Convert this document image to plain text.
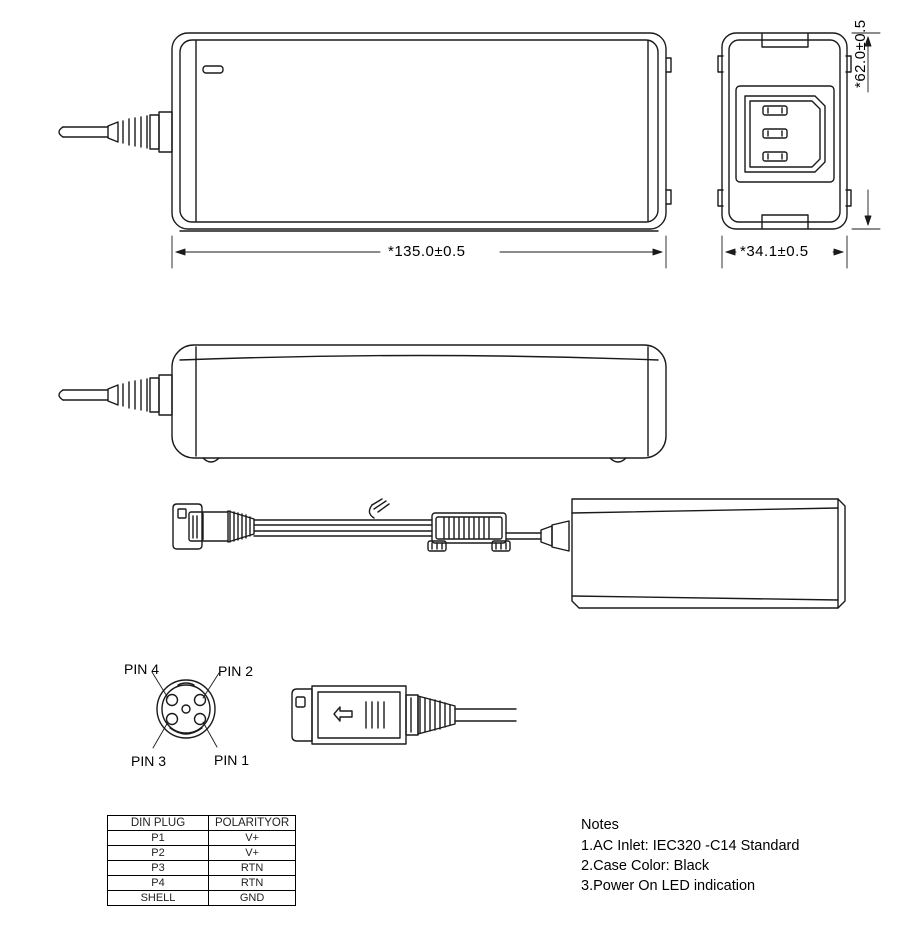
*135.0±0.5	*34.1±0.5
*62.0±0.5
PIN 4	PIN 2
PIN 3	PIN 1
DIN PLUG	POLARITYOR
P1	V+
P2	V+
P3	RTN
P4	RTN
SHELL	GND
Notes
1.AC Inlet: IEC320 -C14 Standard
2.Case Color: Black
3.Power On LED indication
